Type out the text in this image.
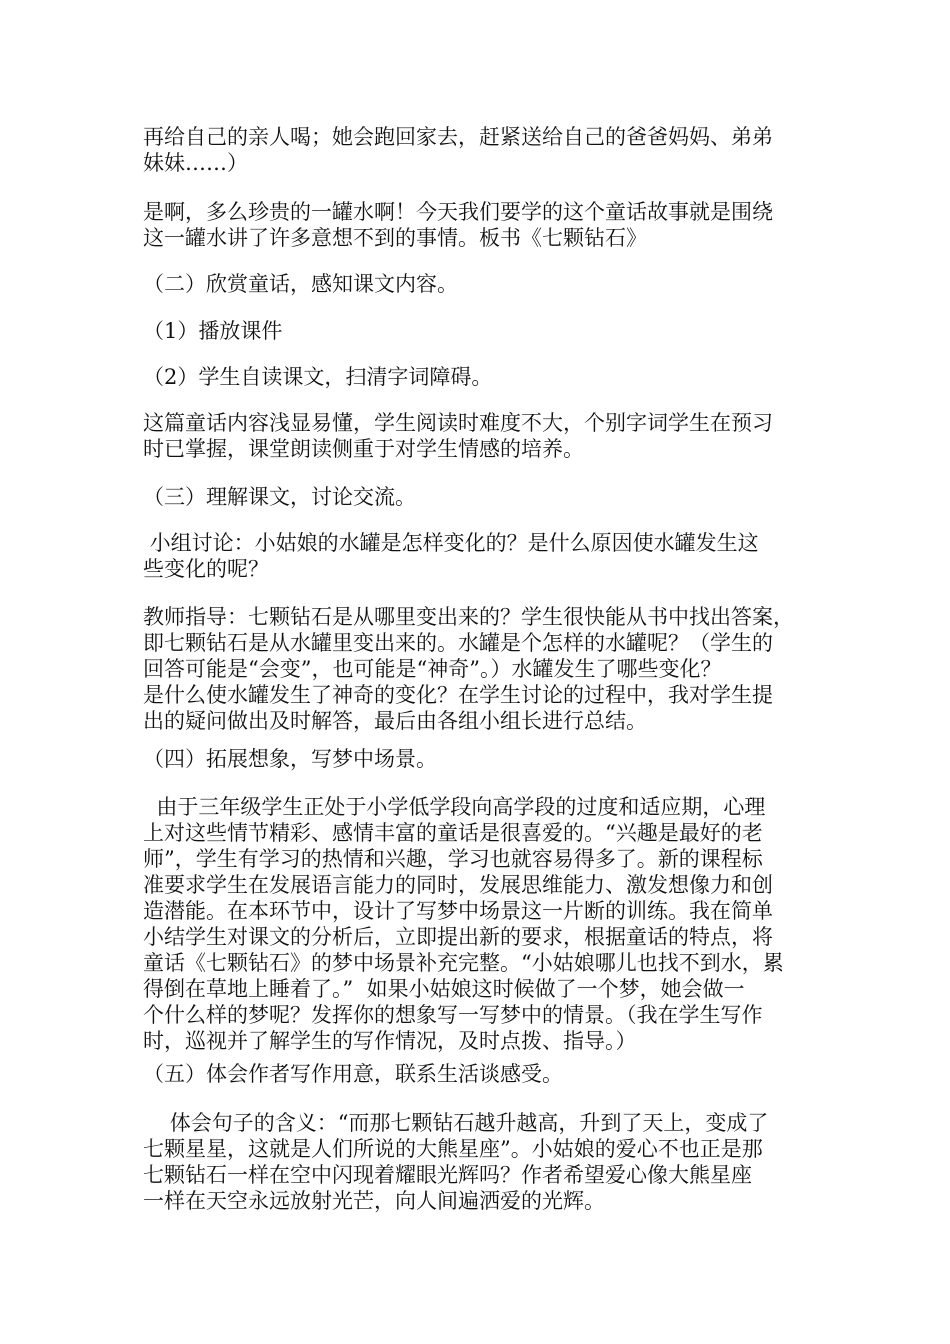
再给自己的亲人喝；她会跑回家去，赶紧送给自己的爸爸妈妈、弟弟
妹妹……）
是啊，多么珍贵的一罐水啊！今天我们要学的这个童话故事就是围绕
这一罐水讲了许多意想不到的事情。板书《七颗钻石》
（二）欣赏童话，感知课文内容。
（1）播放课件
（2）学生自读课文，扫清字词障碍。
这篇童话内容浅显易懂，学生阅读时难度不大，个别字词学生在预习
时已掌握，课堂朗读侧重于对学生情感的培养。
（三）理解课文，讨论交流。
小组讨论：小姑娘的水罐是怎样变化的？是什么原因使水罐发生这
些变化的呢？
教师指导：七颗钻石是从哪里变出来的？学生很快能从书中找出答案，
即七颗钻石是从水罐里变出来的。水罐是个怎样的水罐呢？（学生的
回答可能是“会变”，也可能是“神奇”。）水罐发生了哪些变化？
是什么使水罐发生了神奇的变化？在学生讨论的过程中，我对学生提
出的疑问做出及时解答，最后由各组小组长进行总结。
（四）拓展想象，写梦中场景。
由于三年级学生正处于小学低学段向高学段的过度和适应期，心理
上对这些情节精彩、感情丰富的童话是很喜爱的。“兴趣是最好的老
师”，学生有学习的热情和兴趣，学习也就容易得多了。新的课程标
准要求学生在发展语言能力的同时，发展思维能力、激发想像力和创
造潜能。在本环节中，设计了写梦中场景这一片断的训练。我在简单
小结学生对课文的分析后，立即提出新的要求，根据童话的特点，将
童话《七颗钻石》的梦中场景补充完整。“小姑娘哪儿也找不到水，累
得倒在草地上睡着了。”  如果小姑娘这时候做了一个梦，她会做一
个什么样的梦呢？发挥你的想象写一写梦中的情景。（我在学生写作
时，巡视并了解学生的写作情况，及时点拨、指导。）
（五）体会作者写作用意，联系生活谈感受。
体会句子的含义：“而那七颗钻石越升越高，升到了天上，变成了
七颗星星，这就是人们所说的大熊星座”。小姑娘的爱心不也正是那
七颗钻石一样在空中闪现着耀眼光辉吗？作者希望爱心像大熊星座
一样在天空永远放射光芒，向人间遍洒爱的光辉。
